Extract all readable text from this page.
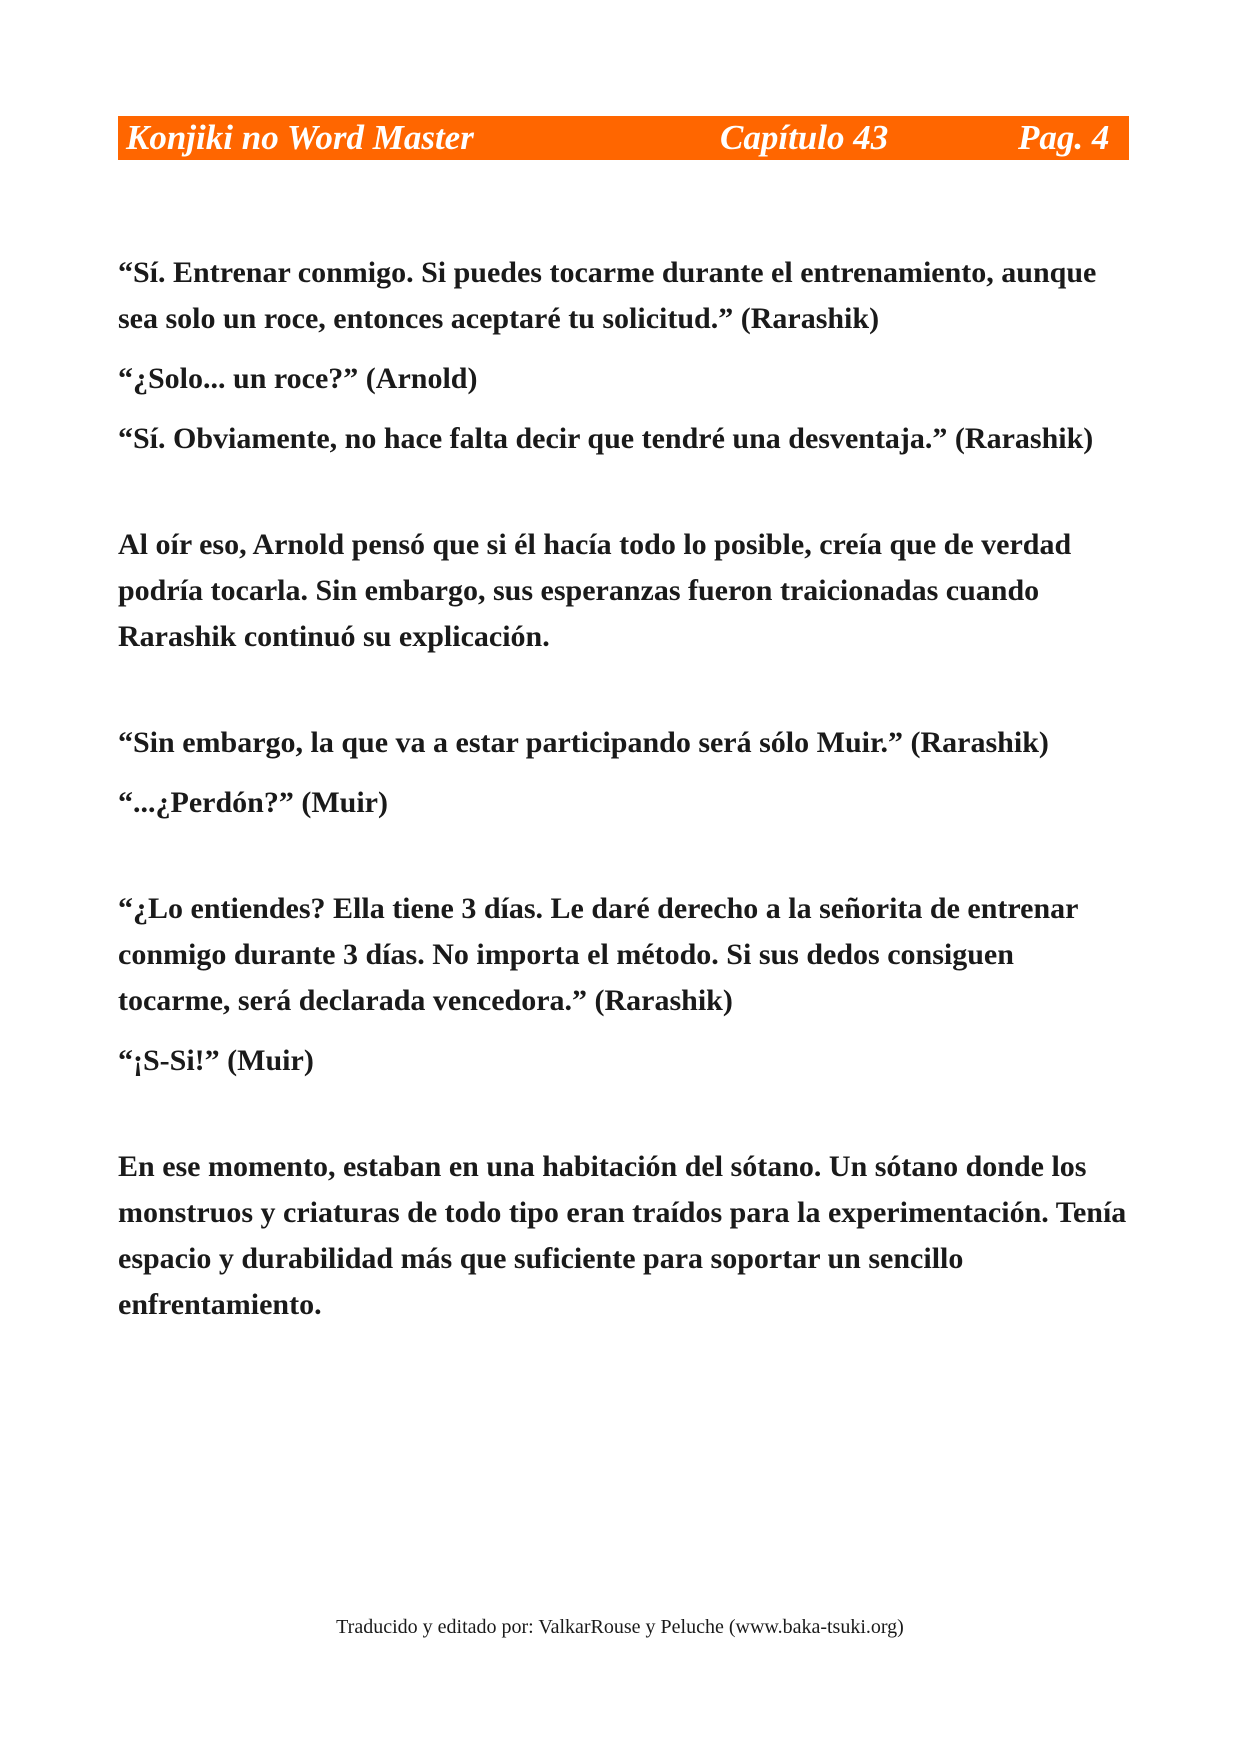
Konjiki no Word Master	Capítulo 43	Pag. 4

“Sí. Entrenar conmigo. Si puedes tocarme durante el entrenamiento, aunque sea solo un roce, entonces aceptaré tu solicitud.” (Rarashik)

“¿Solo... un roce?” (Arnold)

“Sí. Obviamente, no hace falta decir que tendré una desventaja.” (Rarashik)

Al oír eso, Arnold pensó que si él hacía todo lo posible, creía que de verdad podría tocarla. Sin embargo, sus esperanzas fueron traicionadas cuando Rarashik continuó su explicación.

“Sin embargo, la que va a estar participando será sólo Muir.” (Rarashik)

“...¿Perdón?” (Muir)

“¿Lo entiendes? Ella tiene 3 días. Le daré derecho a la señorita de entrenar conmigo durante 3 días. No importa el método. Si sus dedos consiguen tocarme, será declarada vencedora.” (Rarashik)

“¡S-Si!” (Muir)

En ese momento, estaban en una habitación del sótano. Un sótano donde los monstruos y criaturas de todo tipo eran traídos para la experimentación. Tenía espacio y durabilidad más que suficiente para soportar un sencillo enfrentamiento.

Traducido y editado por: ValkarRouse y Peluche (www.baka-tsuki.org)
